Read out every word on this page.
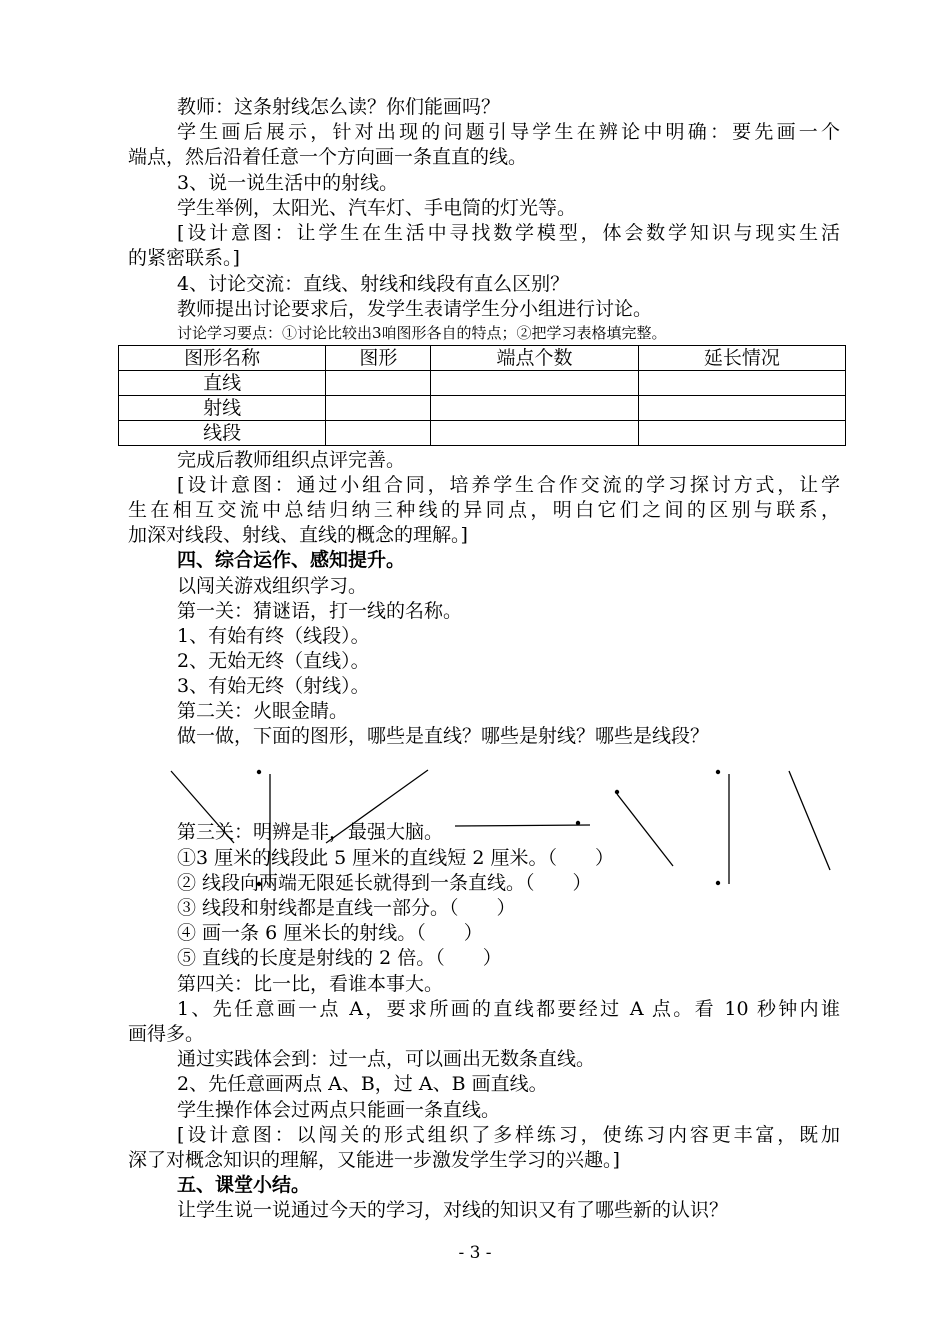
教师：这条射线怎么读？你们能画吗？
学生画后展示，针对出现的问题引导学生在辨论中明确：要先画一个
端点，然后沿着任意一个方向画一条直直的线。
3、说一说生活中的射线。
学生举例，太阳光、汽车灯、手电筒的灯光等。
[设计意图：让学生在生活中寻找数学模型，体会数学知识与现实生活
的紧密联系。]
4、讨论交流：直线、射线和线段有直么区别？
教师提出讨论要求后，发学生表请学生分小组进行讨论。
讨论学习要点：①讨论比较出3咱图形各自的特点；②把学习表格填完整。
图形名称	图形	端点个数	延长情况
直线			
射线			
线段			
完成后教师组织点评完善。
[设计意图：通过小组合同，培养学生合作交流的学习探讨方式，让学
生在相互交流中总结归纳三种线的异同点，明白它们之间的区别与联系，
加深对线段、射线、直线的概念的理解。]
四、综合运作、感知提升。
以闯关游戏组织学习。
第一关：猜谜语，打一线的名称。
1、有始有终（线段）。
2、无始无终（直线）。
3、有始无终（射线）。
第二关：火眼金睛。
做一做，下面的图形，哪些是直线？哪些是射线？哪些是线段？
第三关：明辨是非，最强大脑。
①3 厘米的线段此 5 厘米的直线短 2 厘米。（　　）
② 线段向两端无限延长就得到一条直线。（　　）
③ 线段和射线都是直线一部分。（　　）
④ 画一条 6 厘米长的射线。（　　）
⑤ 直线的长度是射线的 2 倍。（　　）
第四关：比一比，看谁本事大。
1、先任意画一点 A，要求所画的直线都要经过 A 点。看 10 秒钟内谁
画得多。
通过实践体会到：过一点，可以画出无数条直线。
2、先任意画两点 A、B，过 A、B 画直线。
学生操作体会过两点只能画一条直线。
[设计意图：以闯关的形式组织了多样练习，使练习内容更丰富，既加
深了对概念知识的理解，又能进一步激发学生学习的兴趣。]
五、课堂小结。
让学生说一说通过今天的学习，对线的知识又有了哪些新的认识？
- 3 -
